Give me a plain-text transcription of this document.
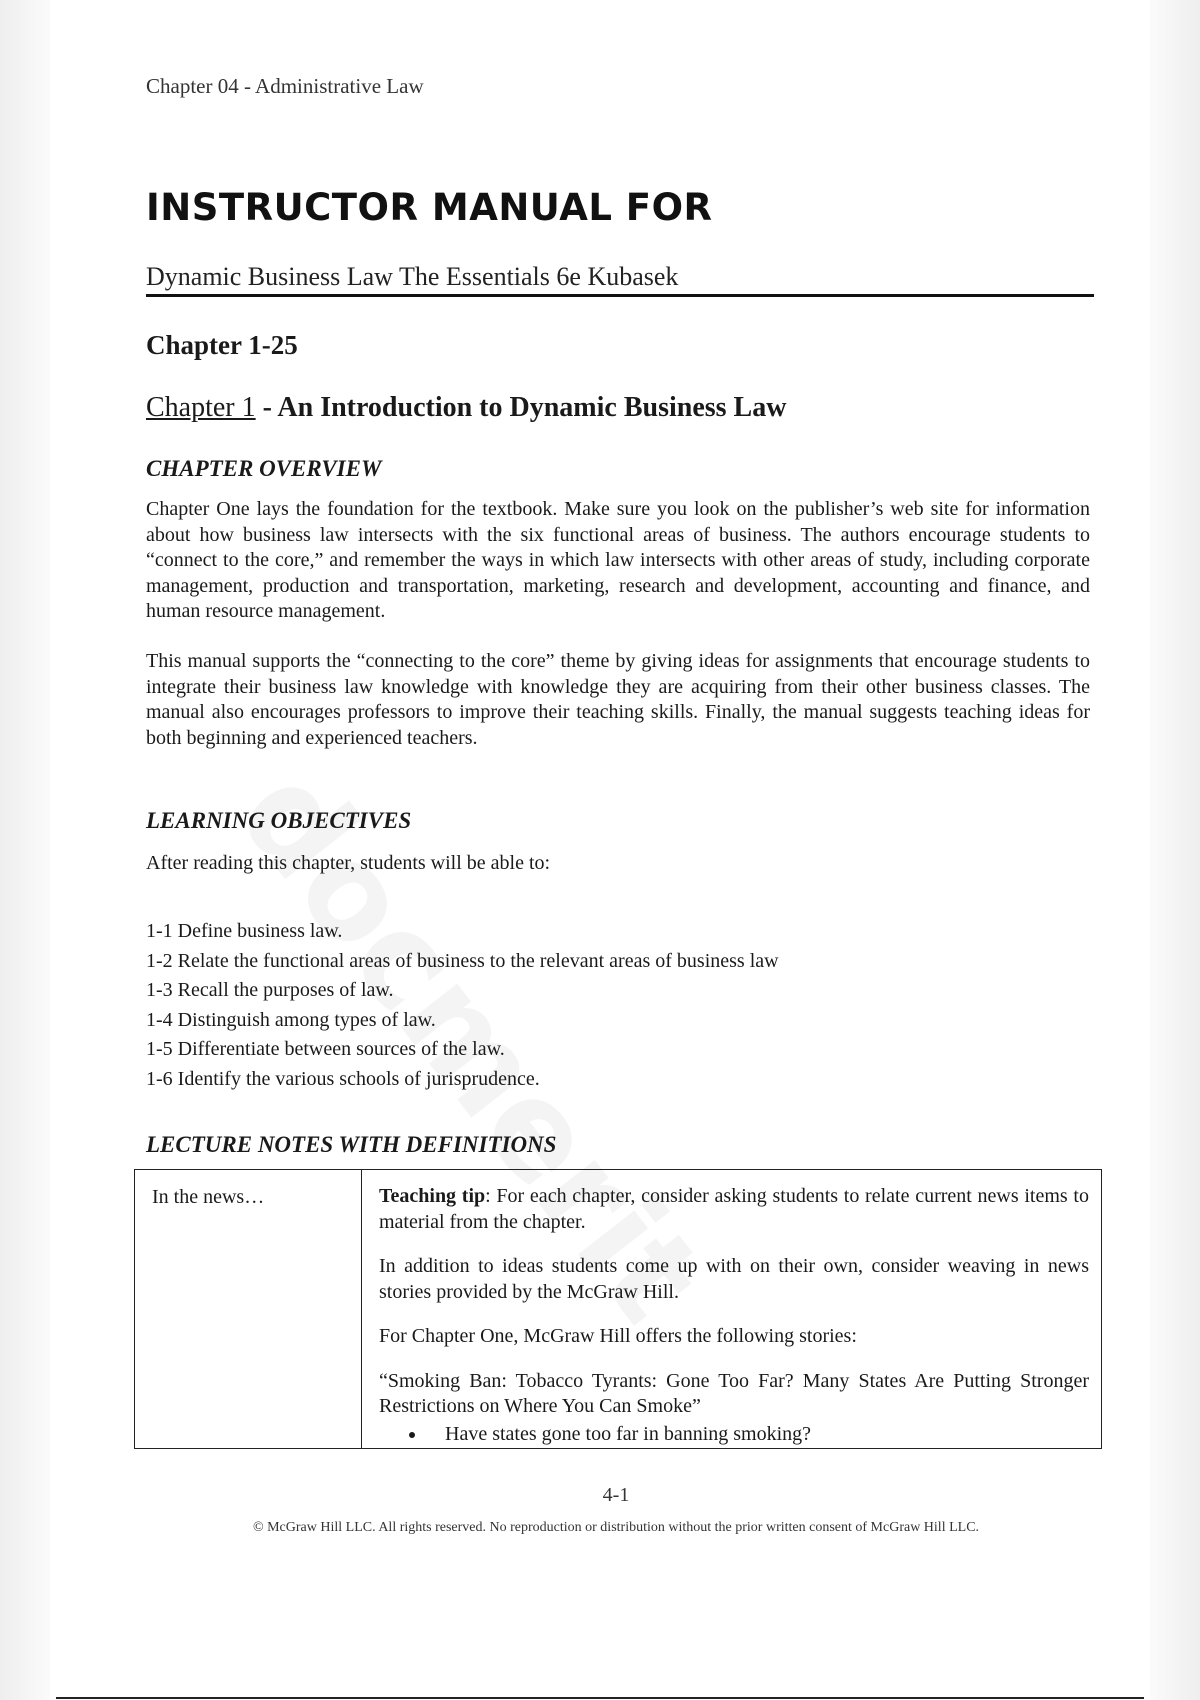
Chapter 04 - Administrative Law
INSTRUCTOR MANUAL FOR
Dynamic Business Law The Essentials 6e Kubasek
Chapter 1-25
Chapter 1 - An Introduction to Dynamic Business Law
CHAPTER OVERVIEW

Chapter One lays the foundation for the textbook. Make sure you look on the publisher’s web site for information about how business law intersects with the six functional areas of business. The authors encourage students to “connect to the core,” and remember the ways in which law intersects with other areas of study, including corporate management, production and transportation, marketing, research and development, accounting and finance, and human resource management.

This manual supports the “connecting to the core” theme by giving ideas for assignments that encourage students to integrate their business law knowledge with knowledge they are acquiring from their other business classes. The manual also encourages professors to improve their teaching skills. Finally, the manual suggests teaching ideas for both beginning and experienced teachers.

LEARNING OBJECTIVES

After reading this chapter, students will be able to:

1-1 Define business law.
1-2 Relate the functional areas of business to the relevant areas of business law
1-3 Recall the purposes of law.
1-4 Distinguish among types of law.
1-5 Differentiate between sources of the law.
1-6 Identify the various schools of jurisprudence.
LECTURE NOTES WITH DEFINITIONS
In the news…	Teaching tip: For each chapter, consider asking students to relate current news items to material from the chapter.

In addition to ideas students come up with on their own, consider weaving in news stories provided by the McGraw Hill.

For Chapter One, McGraw Hill offers the following stories:

“Smoking Ban: Tobacco Tyrants: Gone Too Far? Many States Are Putting Stronger Restrictions on Where You Can Smoke”

• Have states gone too far in banning smoking?
4-1
© McGraw Hill LLC. All rights reserved. No reproduction or distribution without the prior written consent of McGraw Hill LLC.
